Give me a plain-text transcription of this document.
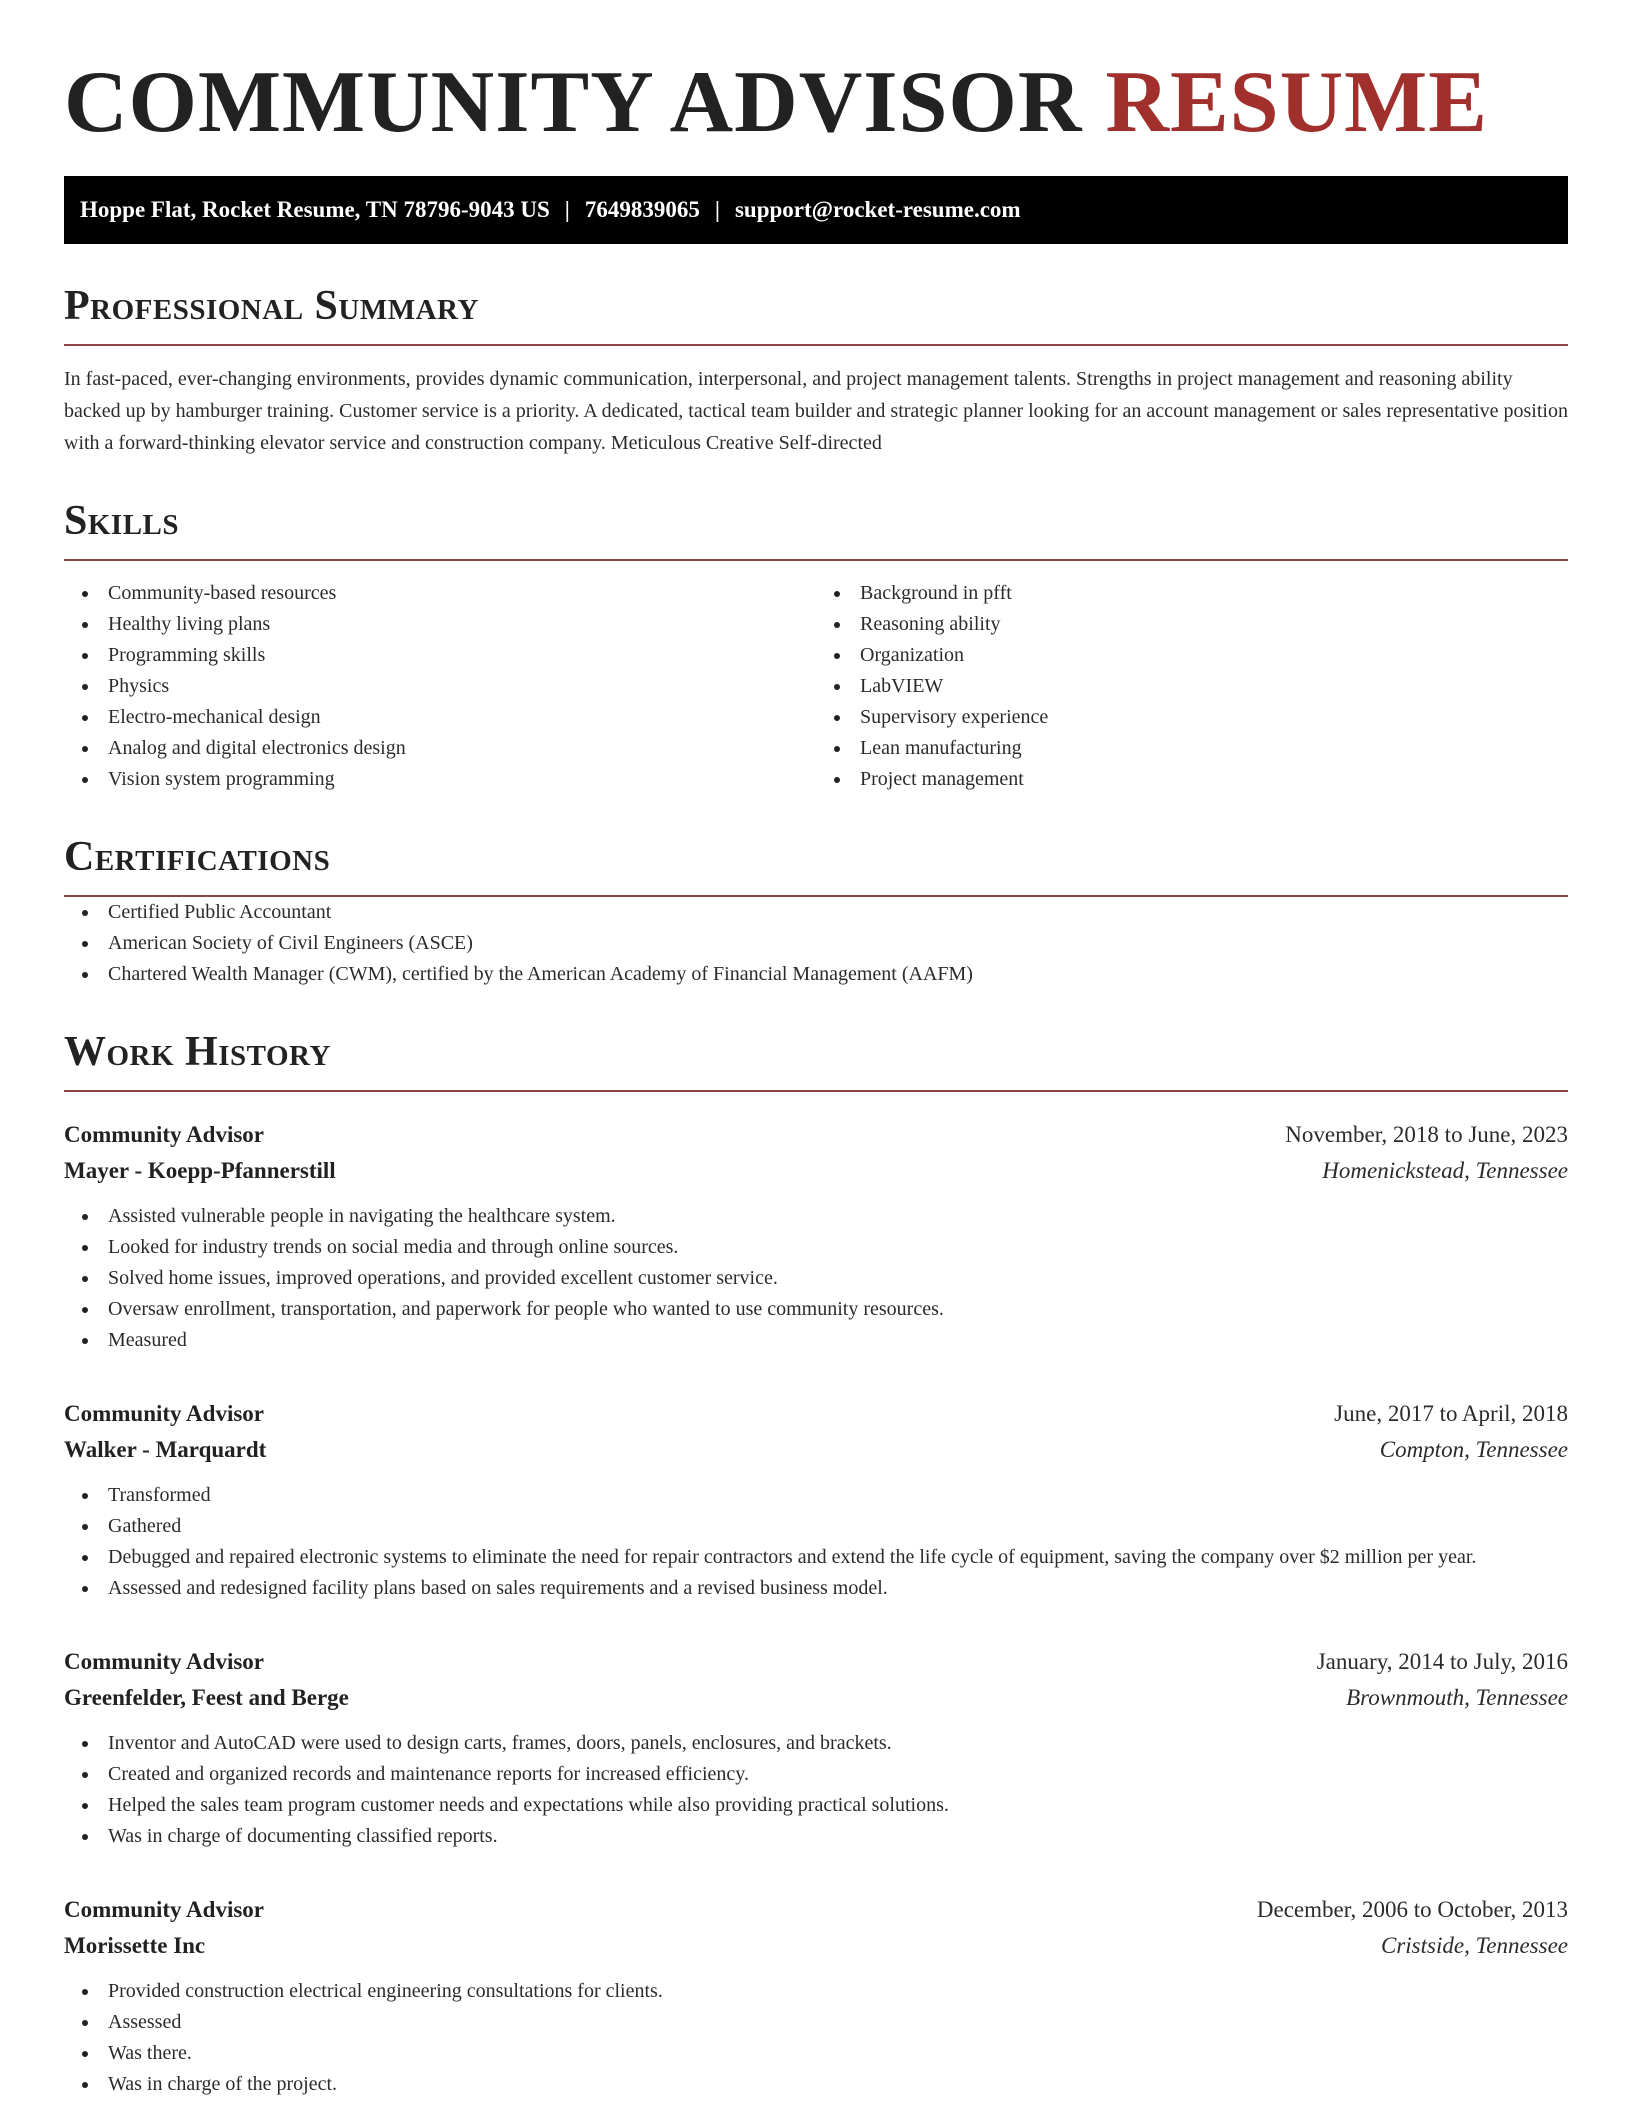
COMMUNITY ADVISOR RESUME
Hoppe Flat, Rocket Resume, TN 78796-9043 US | 7649839065 | support@rocket-resume.com
Professional Summary

In fast-paced, ever-changing environments, provides dynamic communication, interpersonal, and project management talents. Strengths in project management and reasoning ability backed up by hamburger training. Customer service is a priority. A dedicated, tactical team builder and strategic planner looking for an account management or sales representative position with a forward-thinking elevator service and construction company. Meticulous Creative Self-directed

Skills
Community-based resources
Healthy living plans
Programming skills
Physics
Electro-mechanical design
Analog and digital electronics design
Vision system programming
Background in pfft
Reasoning ability
Organization
LabVIEW
Supervisory experience
Lean manufacturing
Project management
Certifications
Certified Public Accountant
American Society of Civil Engineers (ASCE)
Chartered Wealth Manager (CWM), certified by the American Academy of Financial Management (AAFM)
Work History
Community Advisor	November, 2018 to June, 2023
Mayer - Koepp-Pfannerstill	Homenickstead, Tennessee
Assisted vulnerable people in navigating the healthcare system.
Looked for industry trends on social media and through online sources.
Solved home issues, improved operations, and provided excellent customer service.
Oversaw enrollment, transportation, and paperwork for people who wanted to use community resources.
Measured
Community Advisor	June, 2017 to April, 2018
Walker - Marquardt	Compton, Tennessee
Transformed
Gathered
Debugged and repaired electronic systems to eliminate the need for repair contractors and extend the life cycle of equipment, saving the company over $2 million per year.
Assessed and redesigned facility plans based on sales requirements and a revised business model.
Community Advisor	January, 2014 to July, 2016
Greenfelder, Feest and Berge	Brownmouth, Tennessee
Inventor and AutoCAD were used to design carts, frames, doors, panels, enclosures, and brackets.
Created and organized records and maintenance reports for increased efficiency.
Helped the sales team program customer needs and expectations while also providing practical solutions.
Was in charge of documenting classified reports.
Community Advisor	December, 2006 to October, 2013
Morissette Inc	Cristside, Tennessee
Provided construction electrical engineering consultations for clients.
Assessed
Was there.
Was in charge of the project.
